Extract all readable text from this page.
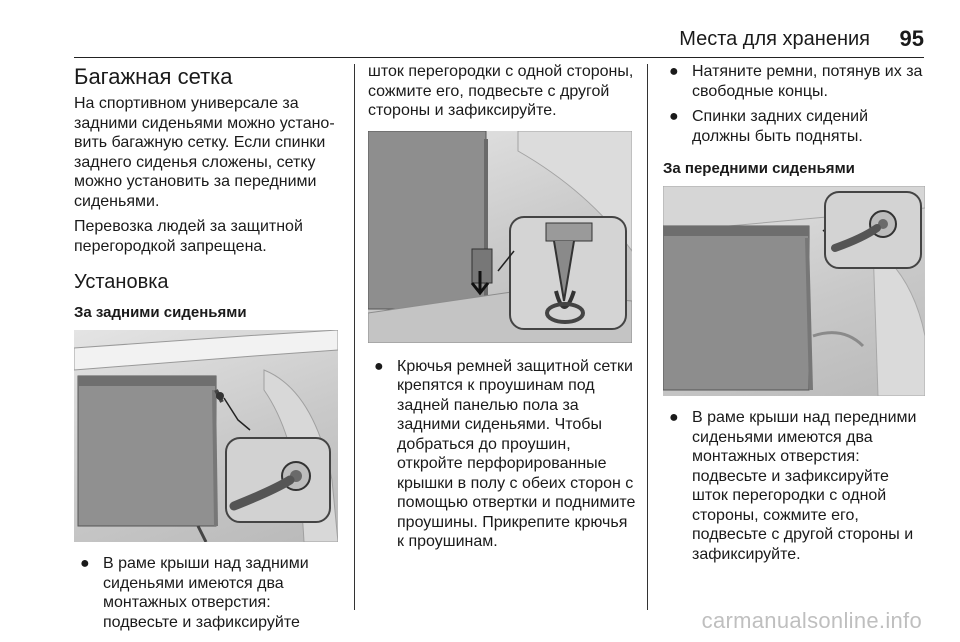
Места для хранения 95
Багажная сетка

На спортивном универсале за задними сиденьями можно установить багажную сетку. Если спинки заднего сиденья сложены, сетку можно установить за передними сиденьями.

Перевозка людей за защитной перегородкой запрещена.

Установка
За задними сиденьями
● В раме крыши над задними сиденьями имеются два монтажных отверстия: подвесьте и зафиксируйте

шток перегородки с одной стороны, сожмите его, подвесьте с другой стороны и зафиксируйте.

● Крючья ремней защитной сетки крепятся к проушинам под задней панелью пола за задними сиденьями. Чтобы добраться до проушин, откройте перфорированные крышки в полу с обеих сторон с помощью отвертки и поднимите проушины. Прикрепите крючья к проушинам.
● Натяните ремни, потянув их за свободные концы.
● Спинки задних сидений должны быть подняты.
За передними сиденьями
● В раме крыши над передними сиденьями имеются два монтажных отверстия: подвесьте и зафиксируйте шток перегородки с одной стороны, сожмите его, подвесьте с другой стороны и зафиксируйте.
carmanualsonline.info
